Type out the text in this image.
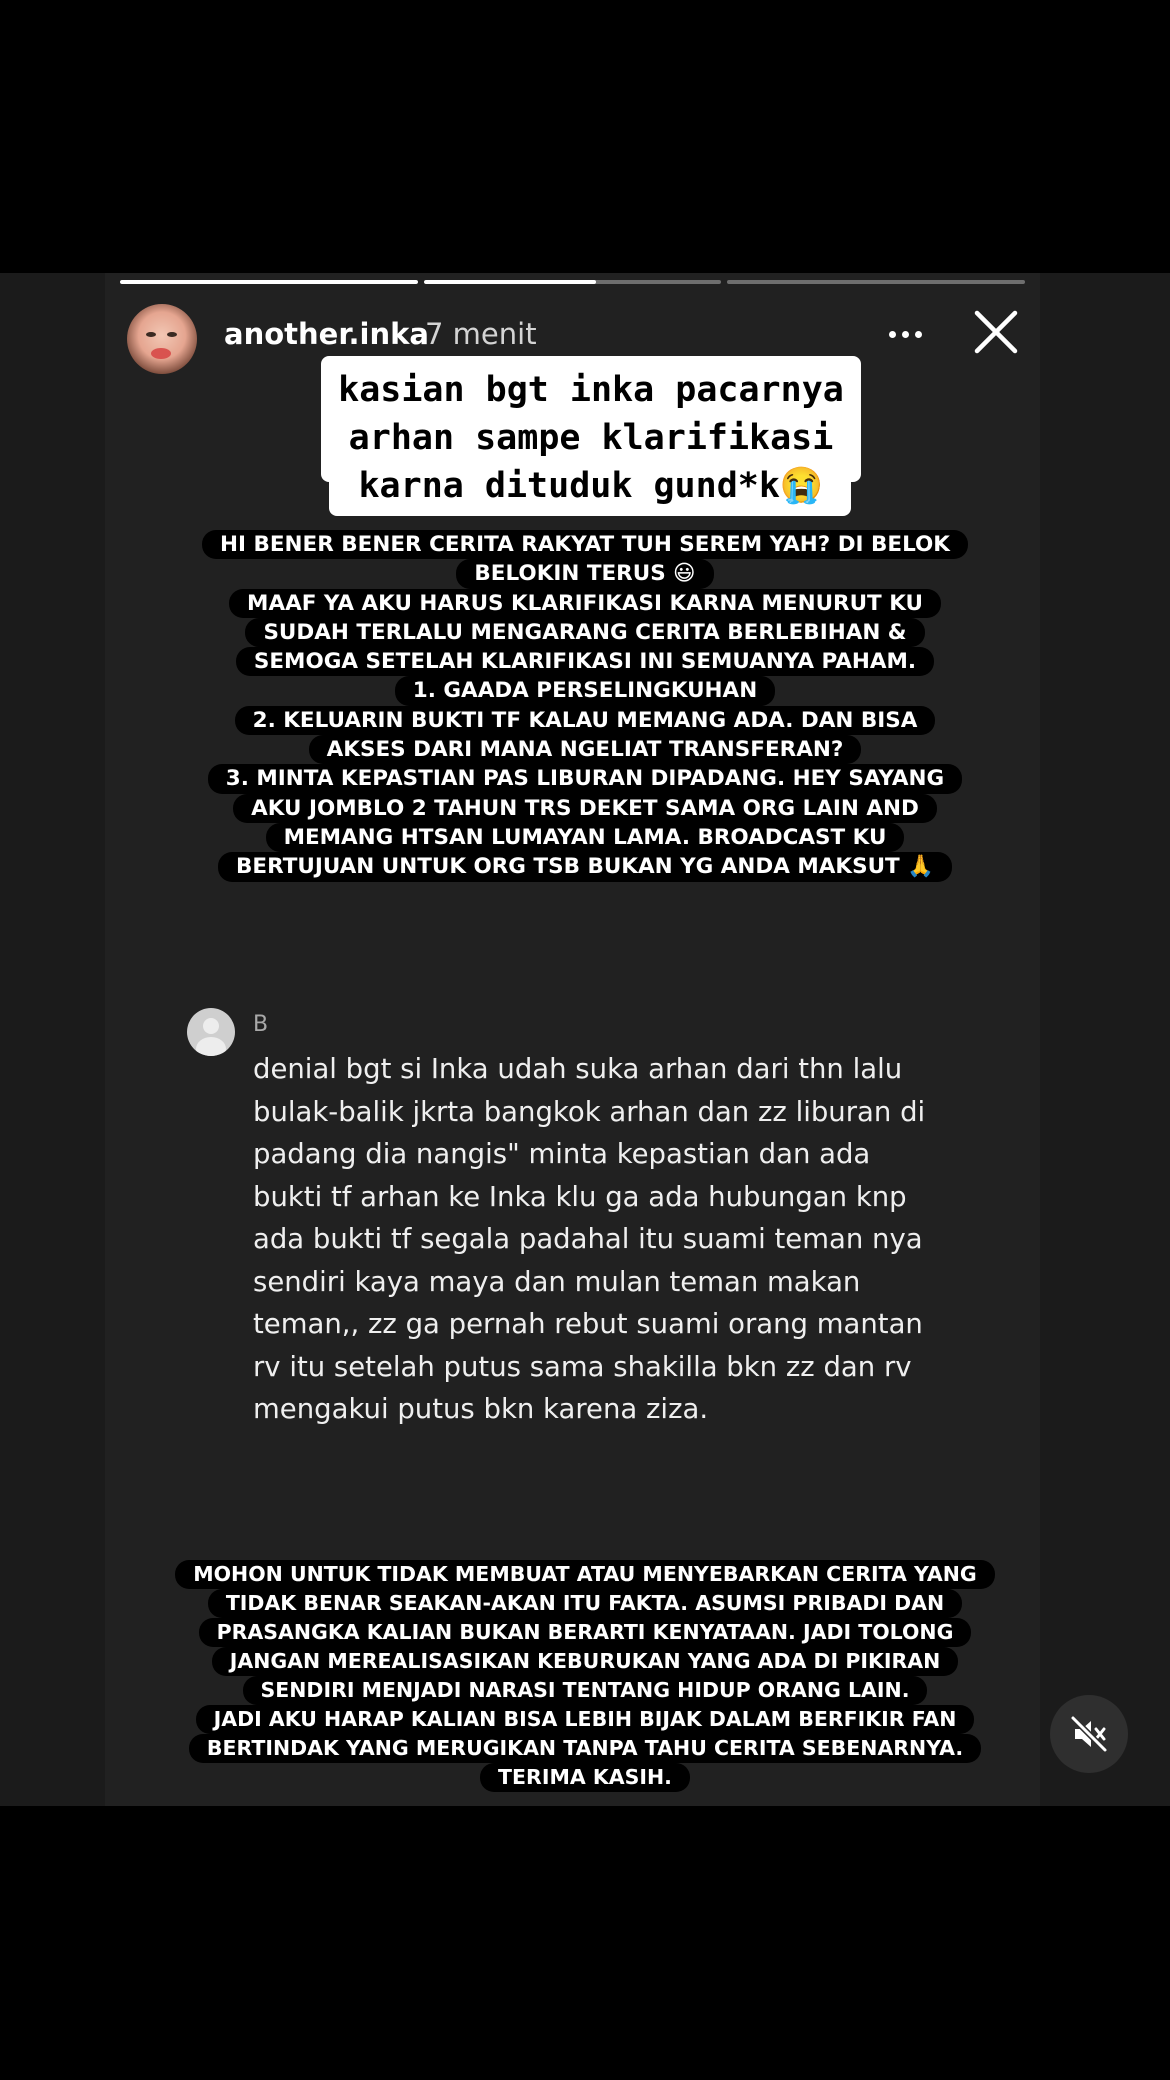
another.inka
7 menit
kasian bgt inka pacarnya
arhan sampe klarifikasi
karna dituduk gund*k😭
HI BENER BENER CERITA RAKYAT TUH SEREM YAH? DI BELOK
BELOKIN TERUS 😃
MAAF YA AKU HARUS KLARIFIKASI KARNA MENURUT KU
SUDAH TERLALU MENGARANG CERITA BERLEBIHAN &
SEMOGA SETELAH KLARIFIKASI INI SEMUANYA PAHAM.
1. GAADA PERSELINGKUHAN
2. KELUARIN BUKTI TF KALAU MEMANG ADA. DAN BISA
AKSES DARI MANA NGELIAT TRANSFERAN?
3. MINTA KEPASTIAN PAS LIBURAN DIPADANG. HEY SAYANG
AKU JOMBLO 2 TAHUN TRS DEKET SAMA ORG LAIN AND
MEMANG HTSAN LUMAYAN LAMA. BROADCAST KU
BERTUJUAN UNTUK ORG TSB BUKAN YG ANDA MAKSUT 🙏
B
denial bgt si Inka udah suka arhan dari thn lalu
bulak-balik jkrta bangkok arhan dan zz liburan di
padang dia nangis" minta kepastian dan ada
bukti tf arhan ke Inka klu ga ada hubungan knp
ada bukti tf segala padahal itu suami teman nya
sendiri kaya maya dan mulan teman makan
teman,, zz ga pernah rebut suami orang mantan
rv itu setelah putus sama shakilla bkn zz dan rv
mengakui putus bkn karena ziza.
MOHON UNTUK TIDAK MEMBUAT ATAU MENYEBARKAN CERITA YANG
TIDAK BENAR SEAKAN-AKAN ITU FAKTA. ASUMSI PRIBADI DAN
PRASANGKA KALIAN BUKAN BERARTI KENYATAAN. JADI TOLONG
JANGAN MEREALISASIKAN KEBURUKAN YANG ADA DI PIKIRAN
SENDIRI MENJADI NARASI TENTANG HIDUP ORANG LAIN.
JADI AKU HARAP KALIAN BISA LEBIH BIJAK DALAM BERFIKIR FAN
BERTINDAK YANG MERUGIKAN TANPA TAHU CERITA SEBENARNYA.
TERIMA KASIH.
